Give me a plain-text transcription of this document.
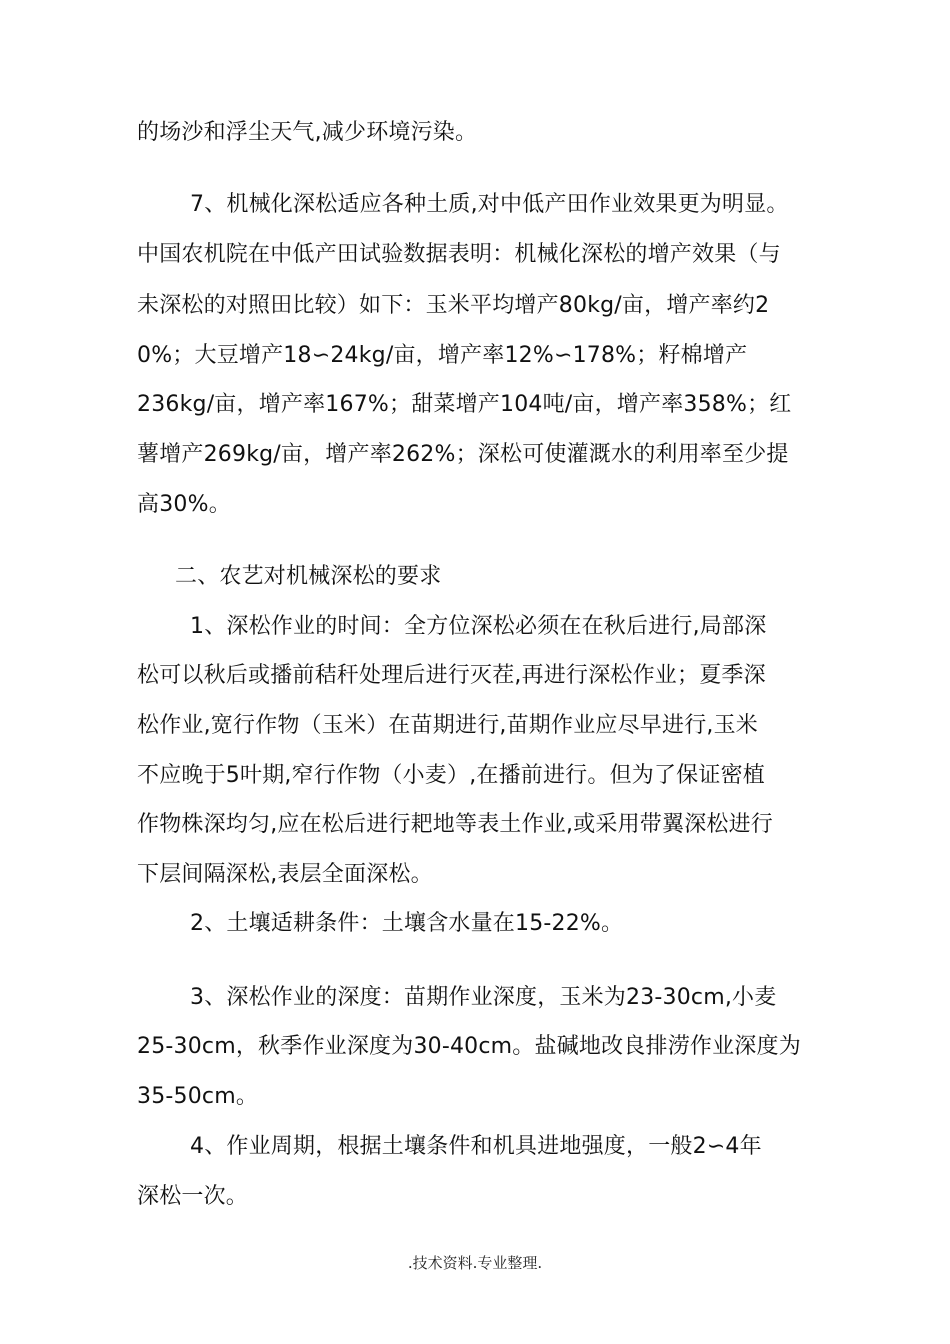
的场沙和浮尘天气,减少环境污染。
7、机械化深松适应各种土质,对中低产田作业效果更为明显。
中国农机院在中低产田试验数据表明：机械化深松的增产效果（与
未深松的对照田比较）如下：玉米平均增产80kg/亩，增产率约2
0%；大豆增产18∽24kg/亩，增产率12%∽178%；籽棉增产
236kg/亩，增产率167%；甜菜增产104吨/亩，增产率358%；红
薯增产269kg/亩，增产率262%；深松可使灌溉水的利用率至少提
高30%。
二、农艺对机械深松的要求
1、深松作业的时间：全方位深松必须在在秋后进行,局部深
松可以秋后或播前秸秆处理后进行灭茬,再进行深松作业；夏季深
松作业,宽行作物（玉米）在苗期进行,苗期作业应尽早进行,玉米
不应晚于5叶期,窄行作物（小麦）,在播前进行。但为了保证密植
作物株深均匀,应在松后进行耙地等表土作业,或采用带翼深松进行
下层间隔深松,表层全面深松。
2、土壤适耕条件：土壤含水量在15-22%。
3、深松作业的深度：苗期作业深度，玉米为23-30cm,小麦
25-30cm，秋季作业深度为30-40cm。盐碱地改良排涝作业深度为
35-50cm。
4、作业周期，根据土壤条件和机具进地强度，一般2∽4年
深松一次。
.技术资料.专业整理.
